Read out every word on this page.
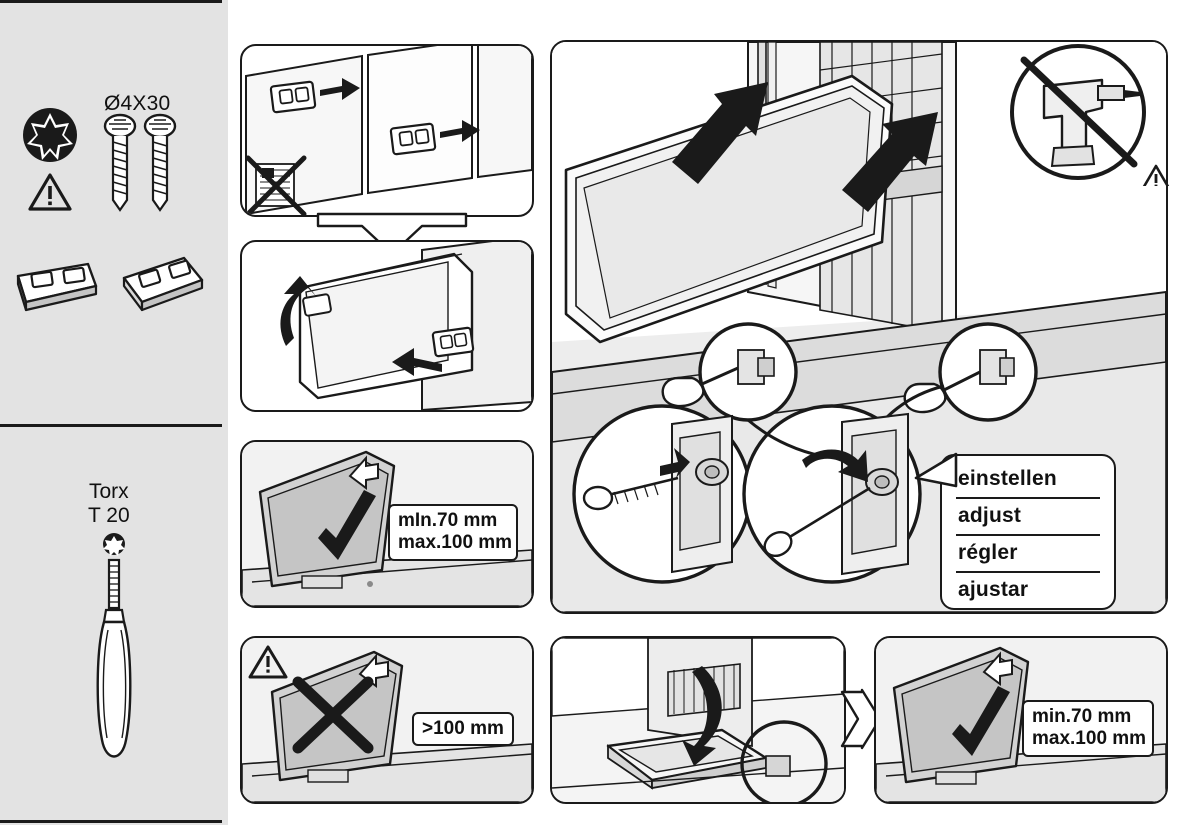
Ø4X30
Torx
T 20	mIn.70 mm
max.100 mm
>100 mm
einstellen
adjust
régler
ajustar
min.70 mm
max.100 mm
